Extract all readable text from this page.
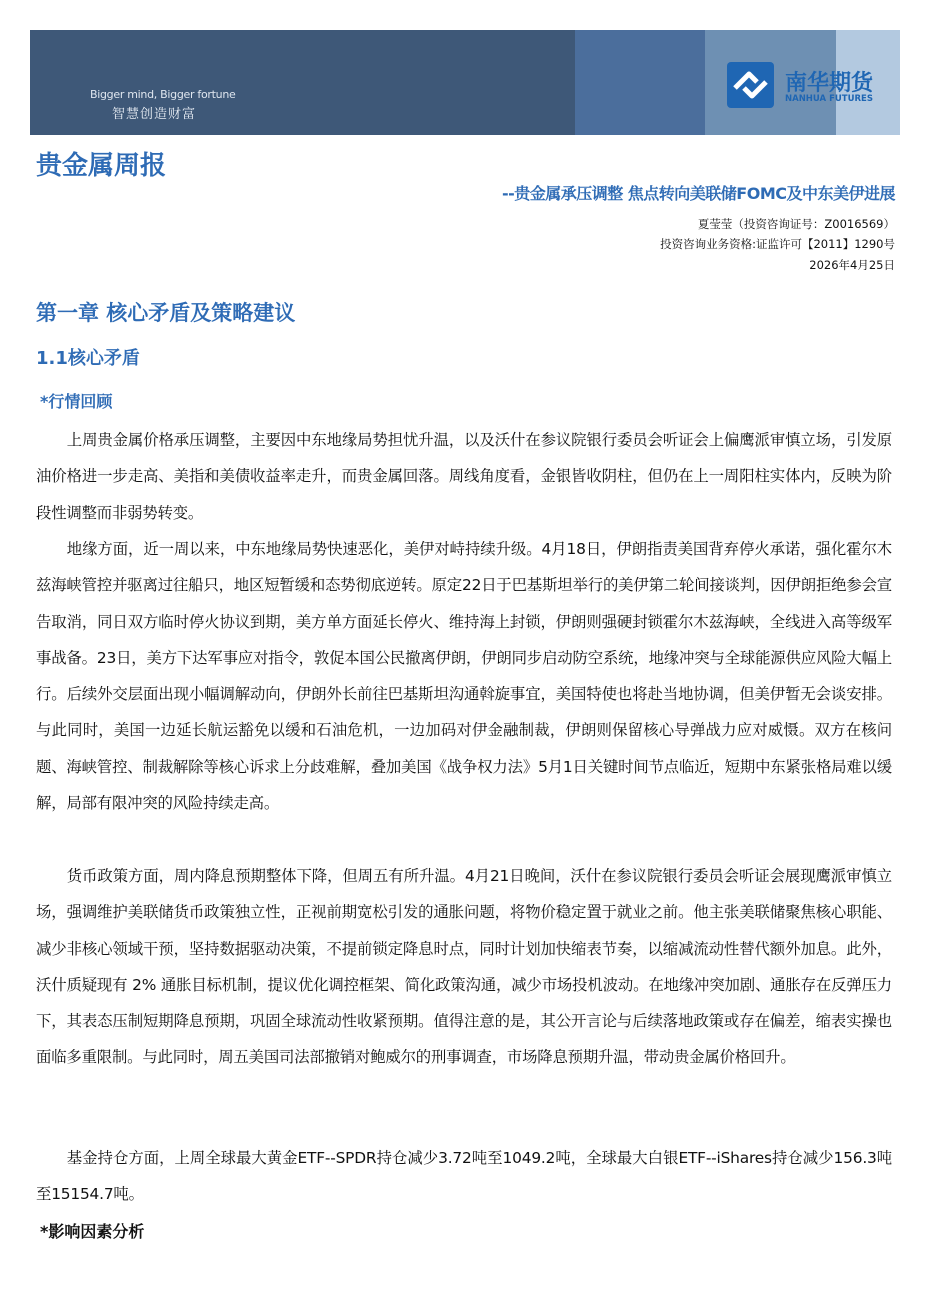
Bigger mind, Bigger fortune
智慧创造财富
南华期货
NANHUA FUTURES
贵金属周报
--贵金属承压调整 焦点转向美联储FOMC及中东美伊进展
夏莹莹（投资咨询证号：Z0016569）
投资咨询业务资格:证监许可【2011】1290号
2026年4月25日
第一章 核心矛盾及策略建议
1.1核心矛盾
*行情回顾

上周贵金属价格承压调整，主要因中东地缘局势担忧升温，以及沃什在参议院银行委员会听证会上偏鹰派审慎立场，引发原油价格进一步走高、美指和美债收益率走升，而贵金属回落。周线角度看，金银皆收阴柱，但仍在上一周阳柱实体内，反映为阶段性调整而非弱势转变。

地缘方面，近一周以来，中东地缘局势快速恶化，美伊对峙持续升级。4月18日，伊朗指责美国背弃停火承诺，强化霍尔木兹海峡管控并驱离过往船只，地区短暂缓和态势彻底逆转。原定22日于巴基斯坦举行的美伊第二轮间接谈判，因伊朗拒绝参会宣告取消，同日双方临时停火协议到期，美方单方面延长停火、维持海上封锁，伊朗则强硬封锁霍尔木兹海峡，全线进入高等级军事战备。23日，美方下达军事应对指令，敦促本国公民撤离伊朗，伊朗同步启动防空系统，地缘冲突与全球能源供应风险大幅上行。后续外交层面出现小幅调解动向，伊朗外长前往巴基斯坦沟通斡旋事宜，美国特使也将赴当地协调，但美伊暂无会谈安排。与此同时，美国一边延长航运豁免以缓和石油危机，一边加码对伊金融制裁，伊朗则保留核心导弹战力应对威慑。双方在核问题、海峡管控、制裁解除等核心诉求上分歧难解，叠加美国《战争权力法》5月1日关键时间节点临近，短期中东紧张格局难以缓解，局部有限冲突的风险持续走高。

货币政策方面，周内降息预期整体下降，但周五有所升温。4月21日晚间，沃什在参议院银行委员会听证会展现鹰派审慎立场，强调维护美联储货币政策独立性，正视前期宽松引发的通胀问题，将物价稳定置于就业之前。他主张美联储聚焦核心职能、减少非核心领域干预，坚持数据驱动决策，不提前锁定降息时点，同时计划加快缩表节奏，以缩减流动性替代额外加息。此外，沃什质疑现有 2% 通胀目标机制，提议优化调控框架、简化政策沟通，减少市场投机波动。在地缘冲突加剧、通胀存在反弹压力下，其表态压制短期降息预期，巩固全球流动性收紧预期。值得注意的是，其公开言论与后续落地政策或存在偏差，缩表实操也面临多重限制。与此同时，周五美国司法部撤销对鲍威尔的刑事调查，市场降息预期升温，带动贵金属价格回升。

基金持仓方面，上周全球最大黄金ETF--SPDR持仓减少3.72吨至1049.2吨，全球最大白银ETF--iShares持仓减少156.3吨至15154.7吨。

*影响因素分析
